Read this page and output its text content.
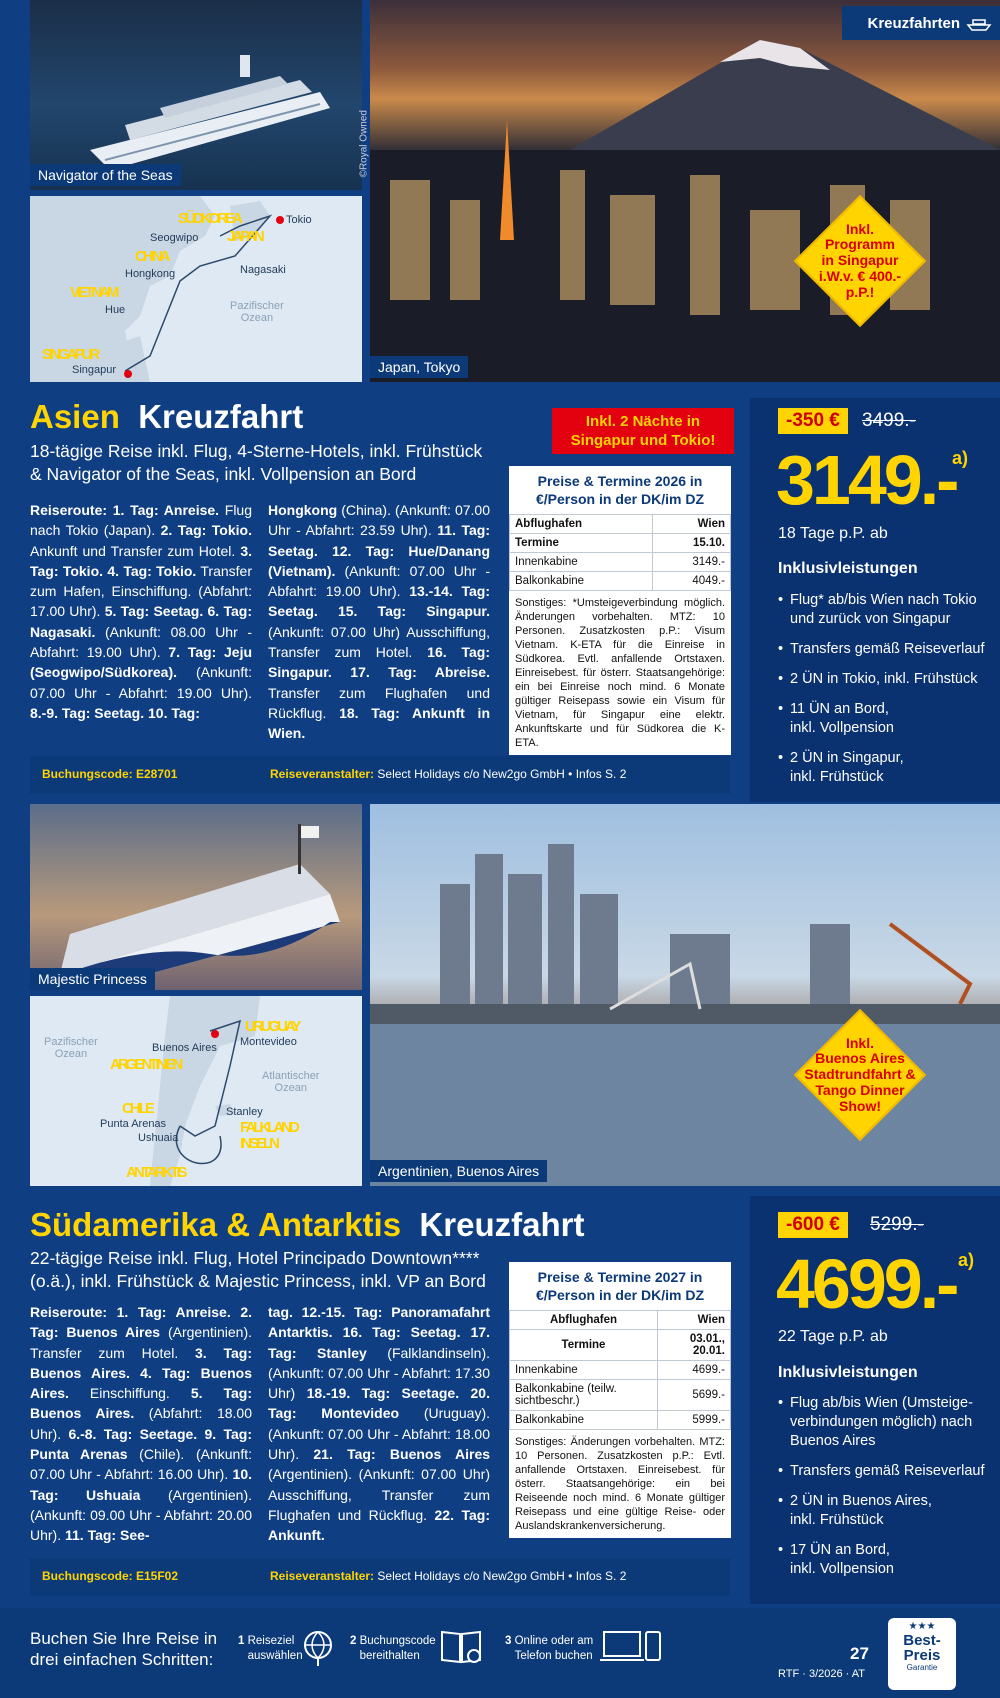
©Royal Owned
Navigator of the Seas
SÜDKOREA
Seogwipo JAPAN
Tokio
CHINA
Hongkong	Nagasaki
VIETNAM
Hue
SINGAPUR
Singapur
Pazifischer
Ozean
Japan, Tokyo
Kreuzfahrten
Inkl.
Programm
in Singapur
i.W.v. € 400.-
p.P.!
Asien Kreuzfahrt
18-tägige Reise inkl. Flug, 4-Sterne-Hotels, inkl. Frühstück
& Navigator of the Seas, inkl. Vollpension an Bord
Inkl. 2 Nächte in Singapur und Tokio!
Reiseroute: 1. Tag: Anreise. Flug nach Tokio (Japan). 2. Tag: Tokio. Ankunft und Transfer zum Hotel. 3. Tag: Tokio. 4. Tag: Tokio. Transfer zum Hafen, Einschiffung. (Abfahrt: 17.00 Uhr). 5. Tag: Seetag. 6. Tag: Nagasaki. (Ankunft: 08.00 Uhr - Abfahrt: 19.00 Uhr). 7. Tag: Jeju (Seogwipo/Südkorea). (Ankunft: 07.00 Uhr - Abfahrt: 19.00 Uhr). 8.-9. Tag: Seetag. 10. Tag:
Hongkong (China). (Ankunft: 07.00 Uhr - Abfahrt: 23.59 Uhr). 11. Tag: Seetag. 12. Tag: Hue/Danang (Vietnam). (Ankunft: 07.00 Uhr - Abfahrt: 19.00 Uhr). 13.-14. Tag: Seetag. 15. Tag: Singapur. (Ankunft: 07.00 Uhr) Ausschiffung, Transfer zum Hotel. 16. Tag: Singapur. 17. Tag: Abreise. Transfer zum Flughafen und Rückflug. 18. Tag: Ankunft in Wien.
Preise & Termine 2026 in €/Person in der DK/im DZ
Abflughafen	Wien
Termine	15.10.
Innenkabine	3149.-
Balkonkabine	4049.-
Sonstiges: *Umsteigeverbindung möglich. Änderungen vorbehalten. MTZ: 10 Personen. Zusatzkosten p.P.: Visum Vietnam. K-ETA für die Einreise in Südkorea. Evtl. anfallende Ortstaxen. Einreisebest. für österr. Staatsangehörige: ein bei Einreise noch mind. 6 Monate gültiger Reisepass sowie ein Visum für Vietnam, für Singapur eine elektr. Ankunftskarte und für Südkorea die K-ETA.
Buchungscode: E28701	Reiseveranstalter: Select Holidays c/o New2go GmbH • Infos S. 2
-350 €	3499.-
3149.-
a)
18 Tage p.P. ab
Inklusivleistungen
• Flug* ab/bis Wien nach Tokio
und zurück von Singapur
• Transfers gemäß Reiseverlauf
• 2 ÜN in Tokio, inkl. Frühstück
• 11 ÜN an Bord,
inkl. Vollpension
• 2 ÜN in Singapur,
inkl. Frühstück
Majestic Princess
URUGUAY
Buenos Aires Montevideo
ARGENTINIEN
CHILE
Punta Arenas
Ushuaia
Stanley
FALKLAND
INSELN
ANTARKTIS
Pazifischer
Ozean
Atlantischer
Ozean
Argentinien, Buenos Aires
Inkl.
Buenos Aires
Stadtrundfahrt &
Tango Dinner
Show!
Südamerika & Antarktis Kreuzfahrt
22-tägige Reise inkl. Flug, Hotel Principado Downtown****
(o.ä.), inkl. Frühstück & Majestic Princess, inkl. VP an Bord
Reiseroute: 1. Tag: Anreise. 2. Tag: Buenos Aires (Argentinien). Transfer zum Hotel. 3. Tag: Buenos Aires. 4. Tag: Buenos Aires. Einschiffung. 5. Tag: Buenos Aires. (Abfahrt: 18.00 Uhr). 6.-8. Tag: Seetage. 9. Tag: Punta Arenas (Chile). (Ankunft: 07.00 Uhr - Abfahrt: 16.00 Uhr). 10. Tag: Ushuaia (Argentinien). (Ankunft: 09.00 Uhr - Abfahrt: 20.00 Uhr). 11. Tag: See-
tag. 12.-15. Tag: Panoramafahrt Antarktis. 16. Tag: Seetag. 17. Tag: Stanley (Falklandinseln). (Ankunft: 07.00 Uhr - Abfahrt: 17.30 Uhr) 18.-19. Tag: Seetage. 20. Tag: Montevideo (Uruguay). (Ankunft: 07.00 Uhr - Abfahrt: 18.00 Uhr). 21. Tag: Buenos Aires (Argentinien). (Ankunft: 07.00 Uhr) Ausschiffung, Transfer zum Flughafen und Rückflug. 22. Tag: Ankunft.
Preise & Termine 2027 in €/Person in der DK/im DZ
Abflughafen	Wien
Termine	03.01., 20.01.
Innenkabine	4699.-
Balkonkabine (teilw. sichtbeschr.)	5699.-
Balkonkabine	5999.-
Sonstiges: Änderungen vorbehalten. MTZ: 10 Personen. Zusatzkosten p.P.: Evtl. anfallende Ortstaxen. Einreisebest. für österr. Staatsangehörige: ein bei Reiseende noch mind. 6 Monate gültiger Reisepass und eine gültige Reise- oder Auslandskrankenversicherung.
Buchungscode: E15F02	Reiseveranstalter: Select Holidays c/o New2go GmbH • Infos S. 2
-600 €	5299.-
4699.- a)
22 Tage p.P. ab
Inklusivleistungen
• Flug ab/bis Wien (Umsteige-
verbindungen möglich) nach
Buenos Aires
• Transfers gemäß Reiseverlauf
• 2 ÜN in Buenos Aires,
inkl. Frühstück
• 17 ÜN an Bord,
inkl. Vollpension
Buchen Sie Ihre Reise in
drei einfachen Schritten:
1 Reiseziel
auswählen
2 Buchungscode
bereithalten
3 Online oder am
Telefon buchen	27
RTF · 3/2026 · AT
★★★
Best-
Preis
Garantie
